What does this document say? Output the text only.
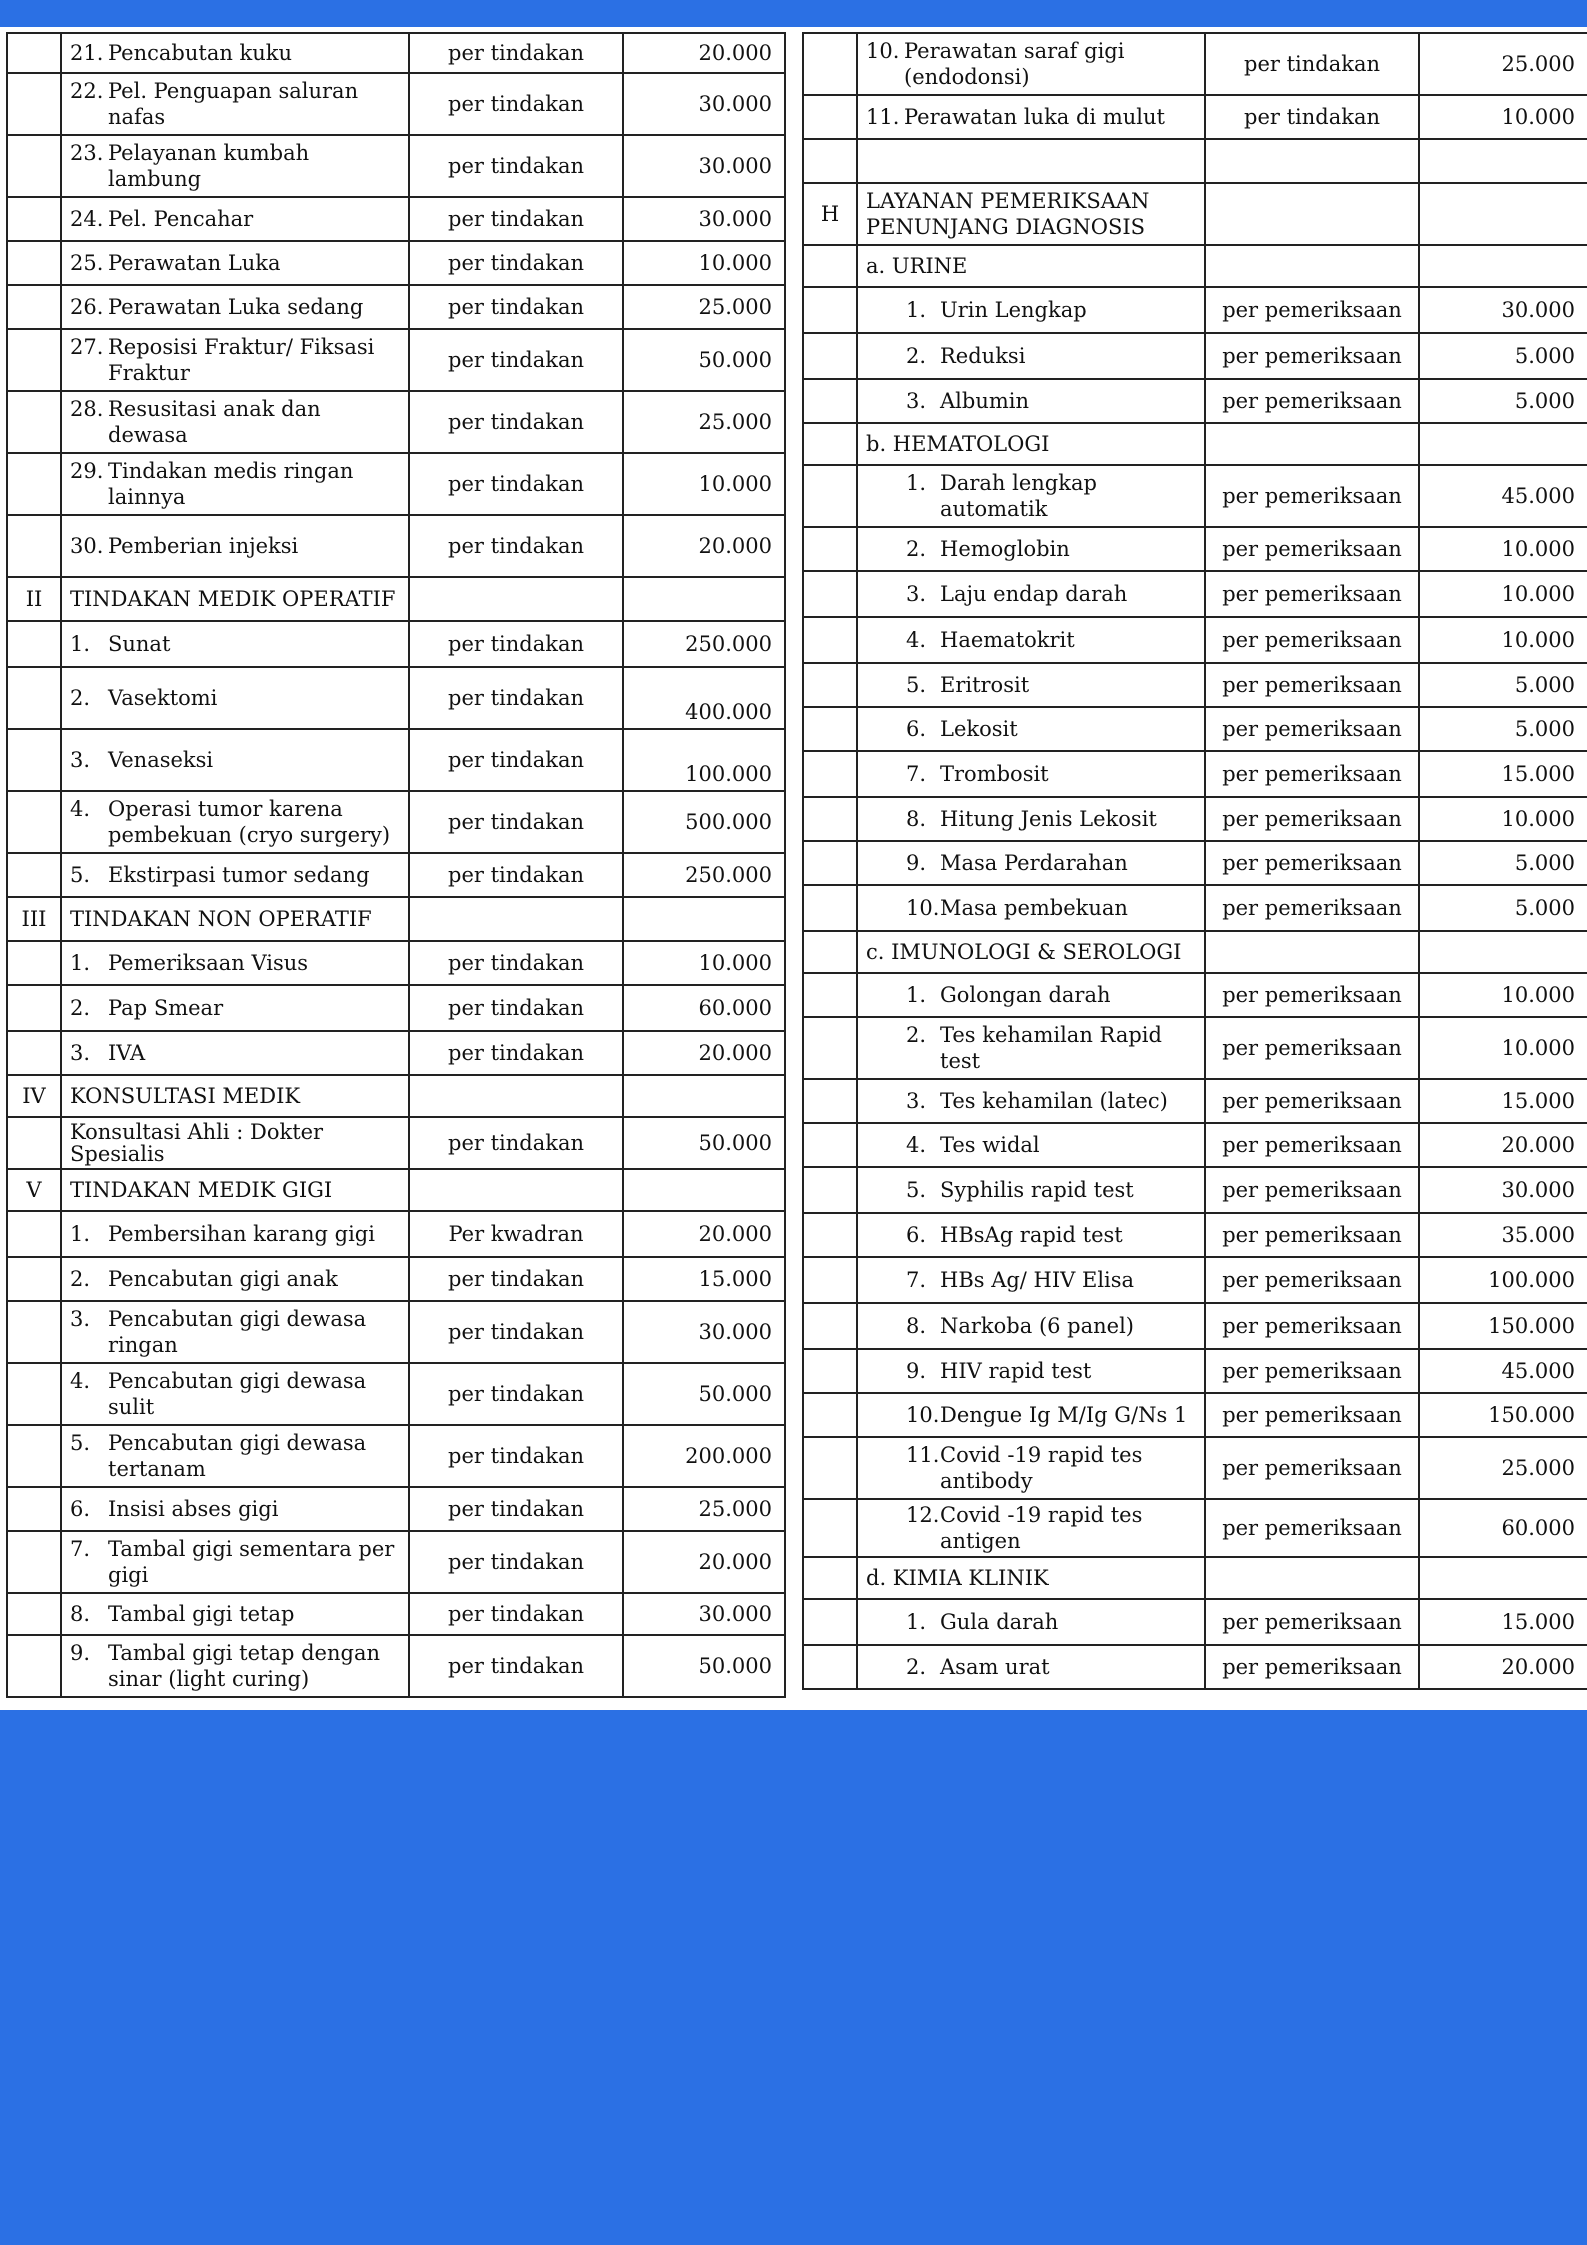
	21. Pencabutan kuku	per tindakan	20.000

	22. Pel. Penguapan saluran nafas	per tindakan	30.000

	23. Pelayanan kumbah lambung	per tindakan	30.000

	24. Pel. Pencahar	per tindakan	30.000

	25. Perawatan Luka	per tindakan	10.000

	26. Perawatan Luka sedang	per tindakan	25.000

	27. Reposisi Fraktur/ Fiksasi Fraktur	per tindakan	50.000

	28. Resusitasi anak dan dewasa	per tindakan	25.000

	29. Tindakan medis ringan lainnya	per tindakan	10.000

	30. Pemberian injeksi	per tindakan	20.000
II	TINDAKAN MEDIK OPERATIF		

	1. Sunat	per tindakan	250.000

	2. Vasektomi	per tindakan	400.000

	3. Venaseksi	per tindakan	100.000

	4. Operasi tumor karena pembekuan (cryo surgery)	per tindakan	500.000

	5. Ekstirpasi tumor sedang	per tindakan	250.000
III	TINDAKAN NON OPERATIF		

	1. Pemeriksaan Visus	per tindakan	10.000

	2. Pap Smear	per tindakan	60.000

	3. IVA	per tindakan	20.000
IV	KONSULTASI MEDIK		
	Konsultasi Ahli : Dokter Spesialis	per tindakan	50.000
V	TINDAKAN MEDIK GIGI		

	1. Pembersihan karang gigi	Per kwadran	20.000

	2. Pencabutan gigi anak	per tindakan	15.000

	3. Pencabutan gigi dewasa ringan	per tindakan	30.000

	4. Pencabutan gigi dewasa sulit	per tindakan	50.000

	5. Pencabutan gigi dewasa tertanam	per tindakan	200.000

	6. Insisi abses gigi	per tindakan	25.000

	7. Tambal gigi sementara per gigi	per tindakan	20.000

	8. Tambal gigi tetap	per tindakan	30.000

	9. Tambal gigi tetap dengan sinar (light curing)	per tindakan	50.000

	10. Perawatan saraf gigi (endodonsi)	per tindakan	25.000

	11. Perawatan luka di mulut	per tindakan	10.000

H	LAYANAN PEMERIKSAAN PENUNJANG DIAGNOSIS		
	a. URINE		

	1. Urin Lengkap	per pemeriksaan	30.000

	2. Reduksi	per pemeriksaan	5.000

	3. Albumin	per pemeriksaan	5.000
	b. HEMATOLOGI		

	1. Darah lengkap automatik	per pemeriksaan	45.000

	2. Hemoglobin	per pemeriksaan	10.000

	3. Laju endap darah	per pemeriksaan	10.000

	4. Haematokrit	per pemeriksaan	10.000

	5. Eritrosit	per pemeriksaan	5.000

	6. Lekosit	per pemeriksaan	5.000

	7. Trombosit	per pemeriksaan	15.000

	8. Hitung Jenis Lekosit	per pemeriksaan	10.000

	9. Masa Perdarahan	per pemeriksaan	5.000

	10. Masa pembekuan	per pemeriksaan	5.000
	c. IMUNOLOGI & SEROLOGI		

	1. Golongan darah	per pemeriksaan	10.000

	2. Tes kehamilan Rapid test	per pemeriksaan	10.000

	3. Tes kehamilan (latec)	per pemeriksaan	15.000

	4. Tes widal	per pemeriksaan	20.000

	5. Syphilis rapid test	per pemeriksaan	30.000

	6. HBsAg rapid test	per pemeriksaan	35.000

	7. HBs Ag/ HIV Elisa	per pemeriksaan	100.000

	8. Narkoba (6 panel)	per pemeriksaan	150.000

	9. HIV rapid test	per pemeriksaan	45.000

	10. Dengue Ig M/Ig G/Ns 1	per pemeriksaan	150.000

	11. Covid -19 rapid tes antibody	per pemeriksaan	25.000

	12. Covid -19 rapid tes antigen	per pemeriksaan	60.000
	d. KIMIA KLINIK		

	1. Gula darah	per pemeriksaan	15.000

	2. Asam urat	per pemeriksaan	20.000
